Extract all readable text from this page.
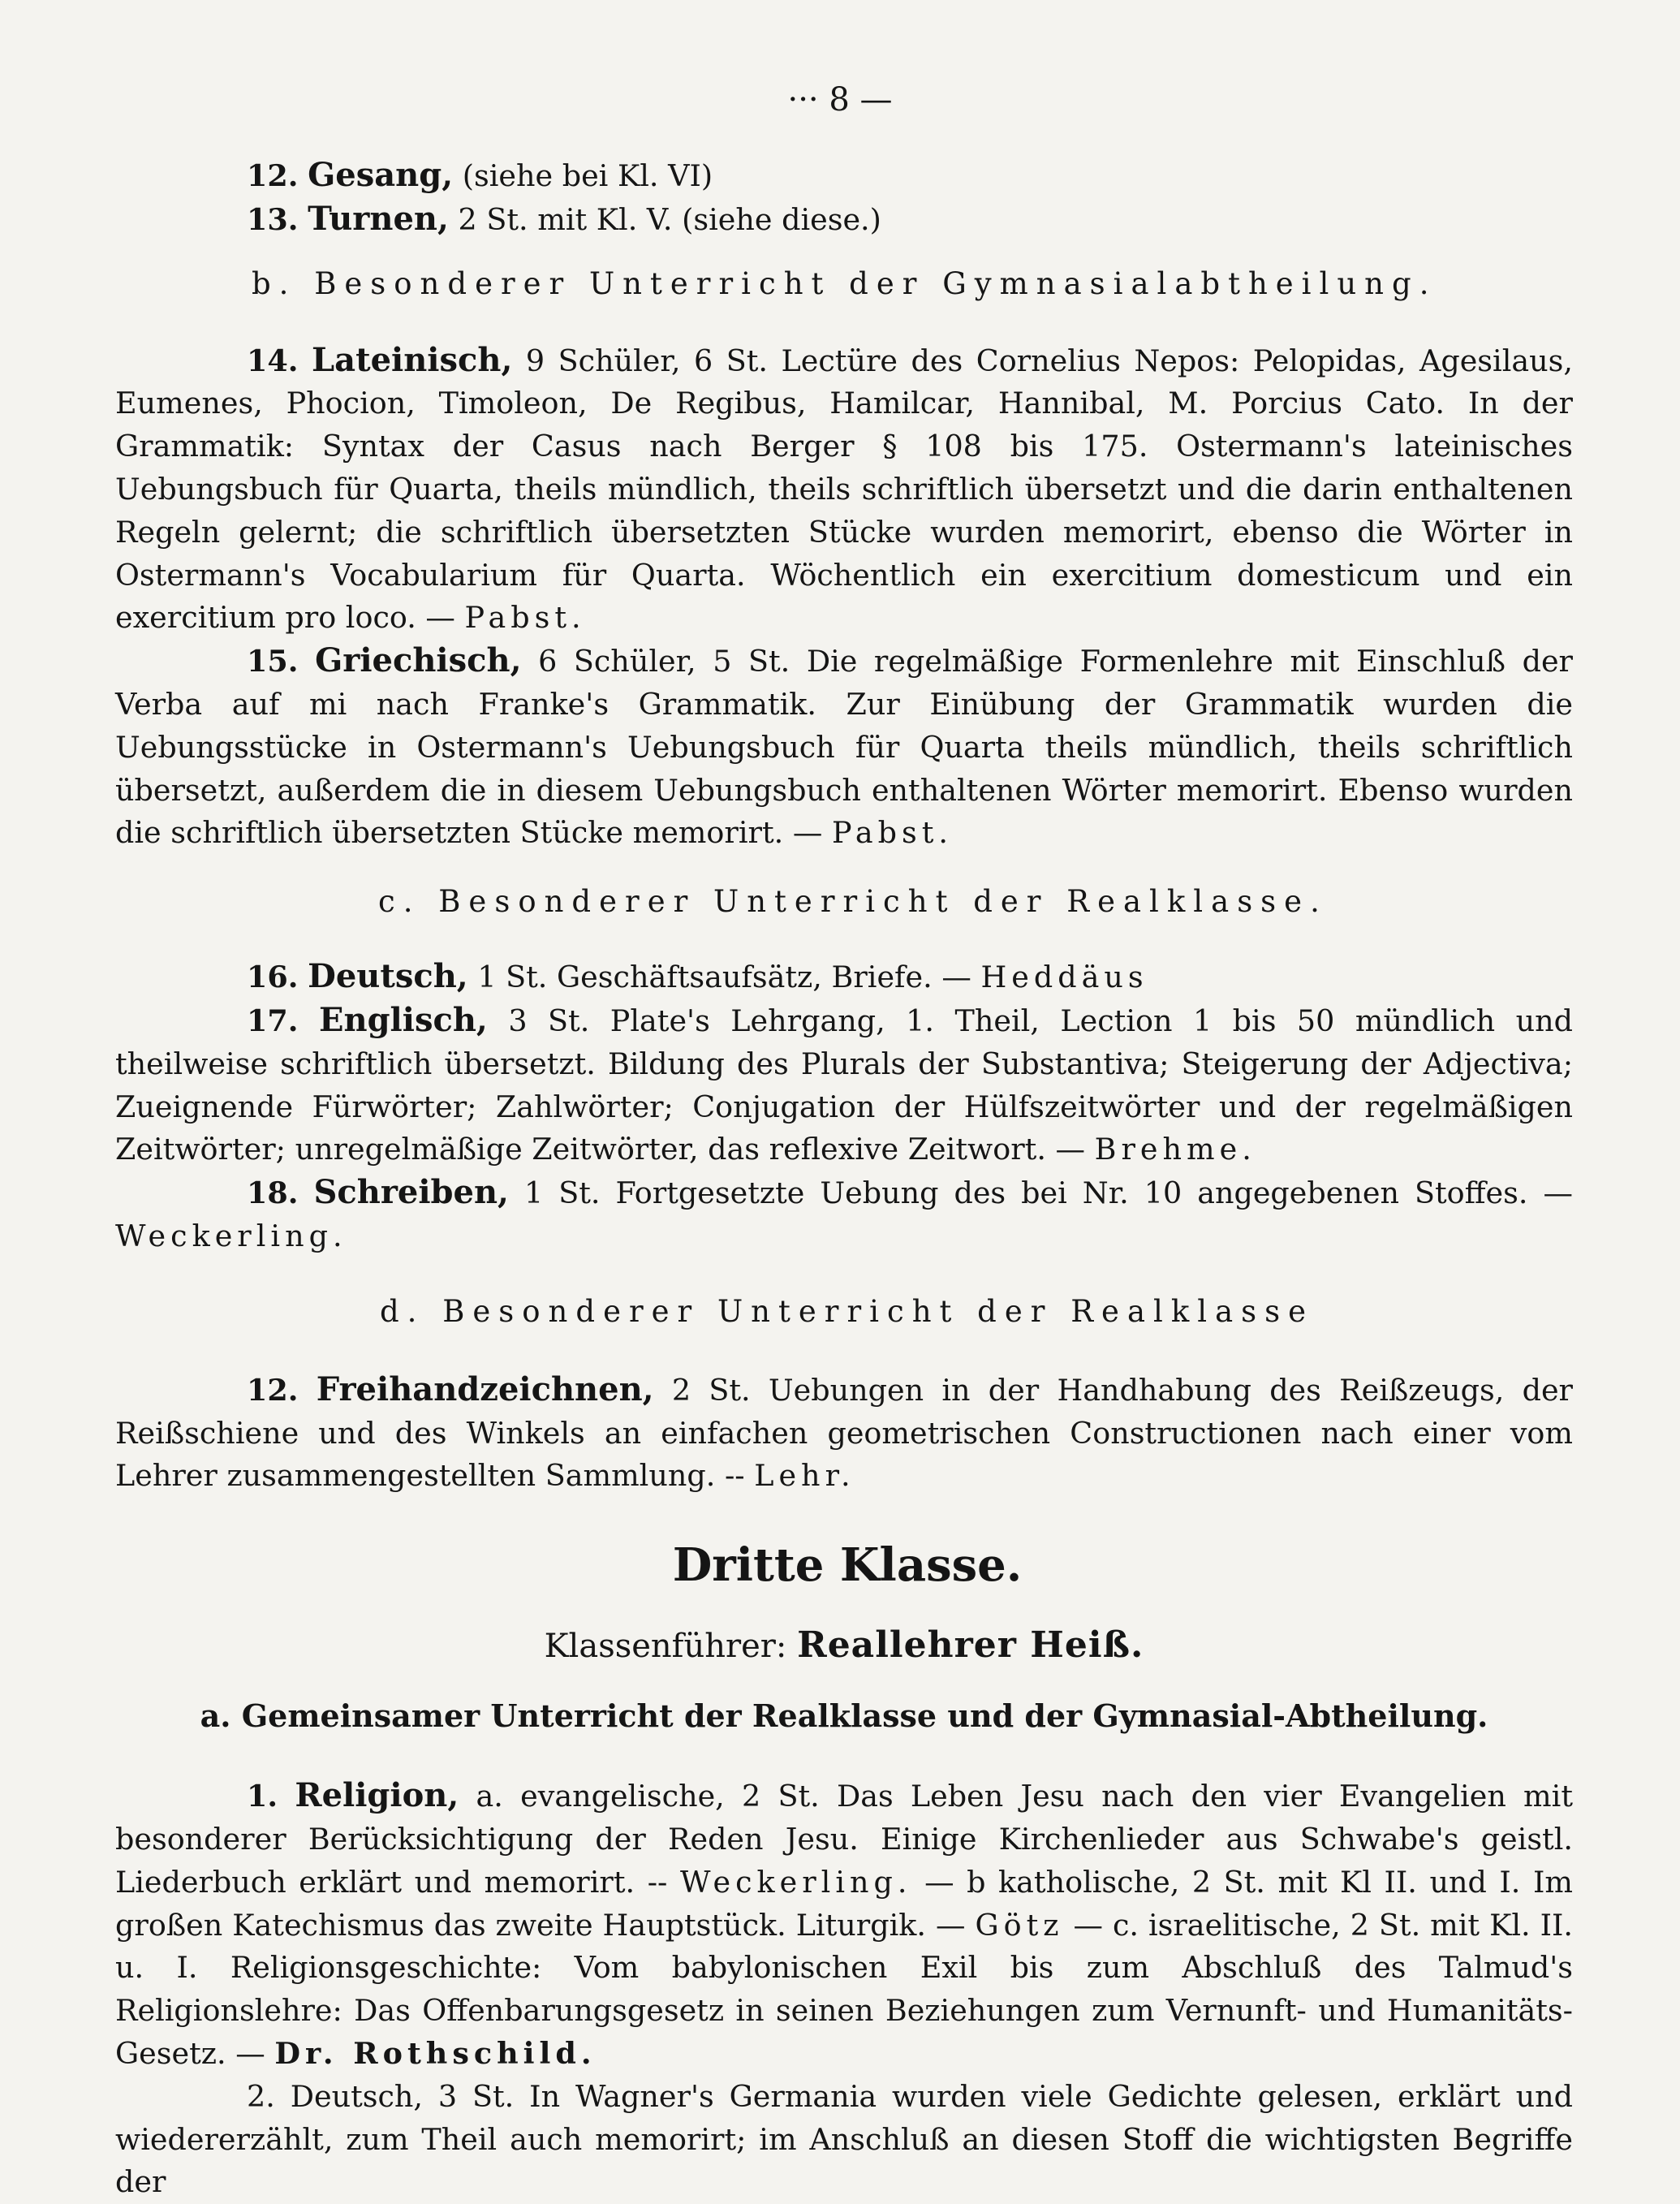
··· 8 —

12. Gesang, (siehe bei Kl. VI)

13. Turnen, 2 St. mit Kl. V. (siehe diese.)

b. Besonderer Unterricht der Gymnasialabtheilung.

14. Lateinisch, 9 Schüler, 6 St. Lectüre des Cornelius Nepos: Pelopidas, Agesilaus, Eumenes, Phocion, Timoleon, De Regibus, Hamilcar, Hannibal, M. Porcius Cato. In der Grammatik: Syntax der Casus nach Berger § 108 bis 175. Ostermann's lateinisches Uebungsbuch für Quarta, theils mündlich, theils schriftlich übersetzt und die darin enthaltenen Regeln gelernt; die schriftlich übersetzten Stücke wurden memorirt, ebenso die Wörter in Ostermann's Vocabularium für Quarta. Wöchentlich ein exercitium domesticum und ein exercitium pro loco. — Pabst.

15. Griechisch, 6 Schüler, 5 St. Die regelmäßige Formenlehre mit Einschluß der Verba auf mi nach Franke's Grammatik. Zur Einübung der Grammatik wurden die Uebungsstücke in Ostermann's Uebungsbuch für Quarta theils mündlich, theils schriftlich übersetzt, außerdem die in diesem Uebungsbuch enthaltenen Wörter memorirt. Ebenso wurden die schriftlich übersetzten Stücke memorirt. — Pabst.

c. Besonderer Unterricht der Realklasse.

16. Deutsch, 1 St. Geschäftsaufsätz, Briefe. — Heddäus

17. Englisch, 3 St. Plate's Lehrgang, 1. Theil, Lection 1 bis 50 mündlich und theilweise schriftlich übersetzt. Bildung des Plurals der Substantiva; Steigerung der Adjectiva; Zueignende Fürwörter; Zahlwörter; Conjugation der Hülfszeitwörter und der regelmäßigen Zeitwörter; unregelmäßige Zeitwörter, das reflexive Zeitwort. — Brehme.

18. Schreiben, 1 St. Fortgesetzte Uebung des bei Nr. 10 angegebenen Stoffes. — Weckerling.

d. Besonderer Unterricht der Realklasse

12. Freihandzeichnen, 2 St. Uebungen in der Handhabung des Reißzeugs, der Reißschiene und des Winkels an einfachen geometrischen Constructionen nach einer vom Lehrer zusammengestellten Sammlung. -- Lehr.

Dritte Klasse.
Klassenführer: Reallehrer Heiß.
a. Gemeinsamer Unterricht der Realklasse und der Gymnasial-Abtheilung.

1. Religion, a. evangelische, 2 St. Das Leben Jesu nach den vier Evangelien mit besonderer Berücksichtigung der Reden Jesu. Einige Kirchenlieder aus Schwabe's geistl. Liederbuch erklärt und memorirt. -- Weckerling. — b katholische, 2 St. mit Kl II. und I. Im großen Katechismus das zweite Hauptstück. Liturgik. — Götz — c. israelitische, 2 St. mit Kl. II. u. I. Religionsgeschichte: Vom babylonischen Exil bis zum Abschluß des Talmud's Religionslehre: Das Offenbarungsgesetz in seinen Beziehungen zum Vernunft- und Humanitäts-Gesetz. — Dr. Rothschild.

2. Deutsch, 3 St. In Wagner's Germania wurden viele Gedichte gelesen, erklärt und wiedererzählt, zum Theil auch memorirt; im Anschluß an diesen Stoff die wichtigsten Begriffe der
